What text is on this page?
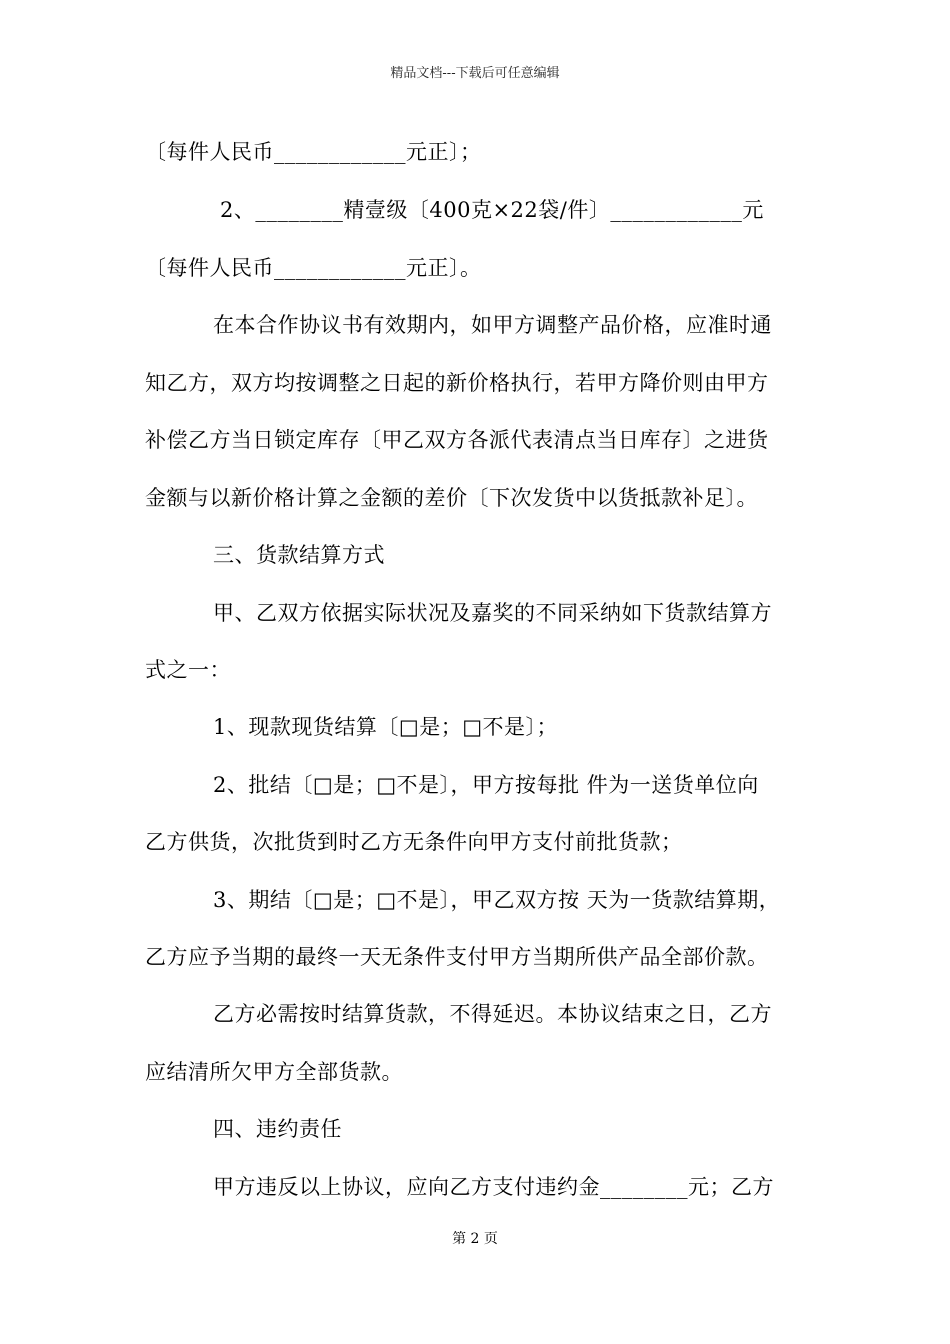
精品文档---下载后可任意编辑
〔每件人民币____________元正〕；
2、________精壹级〔400克×22袋/件〕____________元
〔每件人民币____________元正〕。
在本合作协议书有效期内，如甲方调整产品价格，应准时通
知乙方，双方均按调整之日起的新价格执行，若甲方降价则由甲方
补偿乙方当日锁定库存〔甲乙双方各派代表清点当日库存〕之进货
金额与以新价格计算之金额的差价〔下次发货中以货抵款补足〕。
三、货款结算方式
甲、乙双方依据实际状况及嘉奖的不同采纳如下货款结算方
式之一：
1、现款现货结算〔□是；□不是〕；
2、批结〔□是；□不是〕，甲方按每批 件为一送货单位向
乙方供货，次批货到时乙方无条件向甲方支付前批货款；
3、期结〔□是；□不是〕，甲乙双方按 天为一货款结算期，
乙方应予当期的最终一天无条件支付甲方当期所供产品全部价款。
乙方必需按时结算货款，不得延迟。本协议结束之日，乙方
应结清所欠甲方全部货款。
四、违约责任
甲方违反以上协议，应向乙方支付违约金________元；乙方
第 2 页
